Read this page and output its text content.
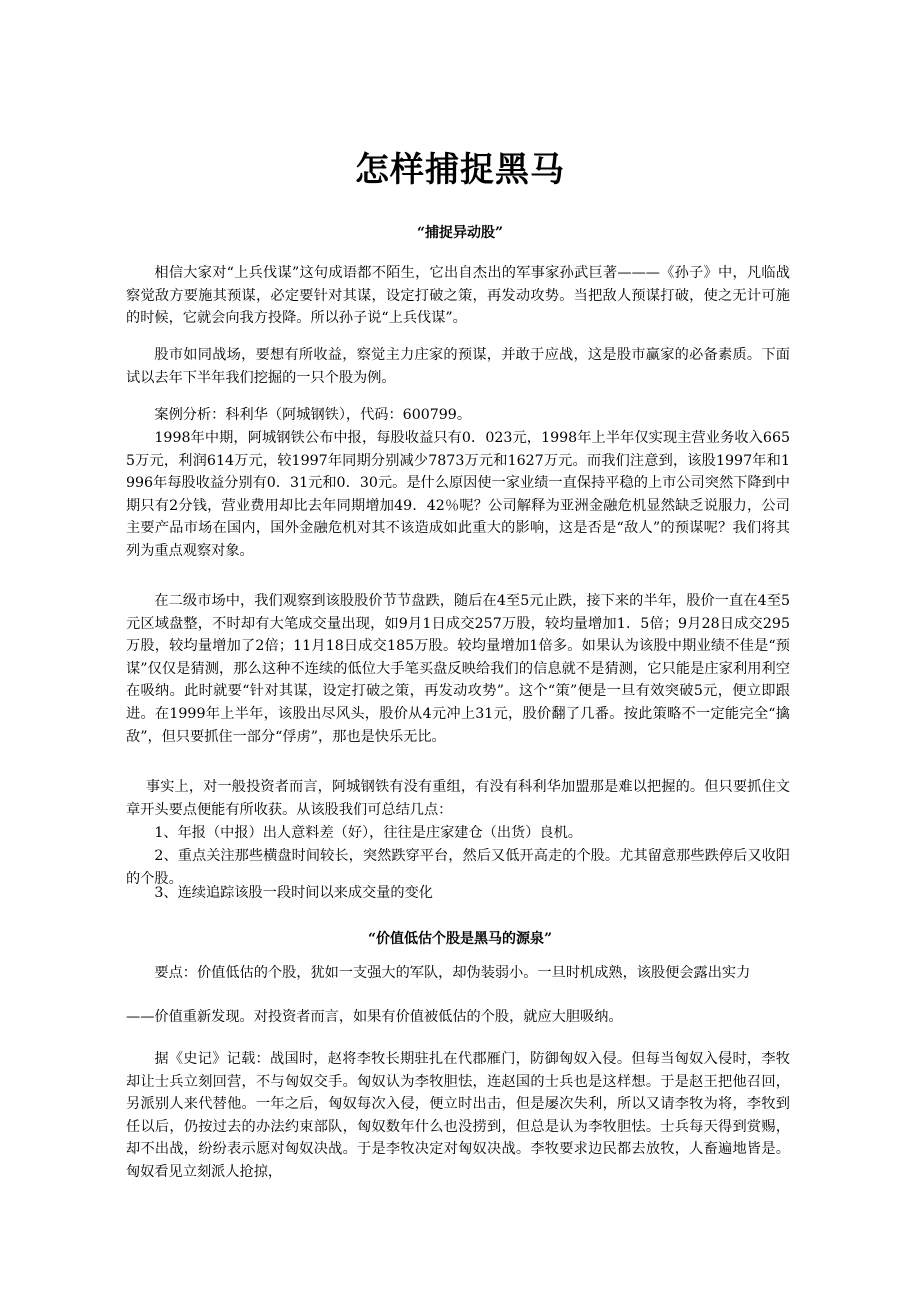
怎样捕捉黑马

“捕捉异动股”

相信大家对“上兵伐谋”这句成语都不陌生，它出自杰出的军事家孙武巨著———《孙子》中，凡临战察觉敌方要施其预谋，必定要针对其谋，设定打破之策，再发动攻势。当把敌人预谋打破，使之无计可施的时候，它就会向我方投降。所以孙子说“上兵伐谋”。

股市如同战场，要想有所收益，察觉主力庄家的预谋，并敢于应战，这是股市赢家的必备素质。下面试以去年下半年我们挖掘的一只个股为例。

案例分析：科利华（阿城钢铁），代码：600799。

1998年中期，阿城钢铁公布中报，每股收益只有0．023元，1998年上半年仅实现主营业务收入6655万元，利润614万元，较1997年同期分别减少7873万元和1627万元。而我们注意到，该股1997年和1996年每股收益分别有0．31元和0．30元。是什么原因使一家业绩一直保持平稳的上市公司突然下降到中期只有2分钱，营业费用却比去年同期增加49．42％呢？公司解释为亚洲金融危机显然缺乏说服力，公司主要产品市场在国内，国外金融危机对其不该造成如此重大的影响，这是否是“敌人”的预谋呢？我们将其列为重点观察对象。

在二级市场中，我们观察到该股股价节节盘跌，随后在4至5元止跌，接下来的半年，股价一直在4至5元区域盘整，不时却有大笔成交量出现，如9月1日成交257万股，较均量增加1．5倍；9月28日成交295万股，较均量增加了2倍；11月18日成交185万股。较均量增加1倍多。如果认为该股中期业绩不佳是“预谋”仅仅是猜测，那么这种不连续的低位大手笔买盘反映给我们的信息就不是猜测，它只能是庄家利用利空在吸纳。此时就要“针对其谋，设定打破之策，再发动攻势”。这个“策”便是一旦有效突破5元，便立即跟进。在1999年上半年，该股出尽风头，股价从4元冲上31元，股价翻了几番。按此策略不一定能完全“擒敌”，但只要抓住一部分“俘虏”，那也是快乐无比。

事实上，对一般投资者而言，阿城钢铁有没有重组，有没有科利华加盟那是难以把握的。但只要抓住文章开头要点便能有所收获。从该股我们可总结几点：

1、年报（中报）出人意料差（好），往往是庄家建仓（出货）良机。

2、重点关注那些横盘时间较长，突然跌穿平台，然后又低开高走的个股。尤其留意那些跌停后又收阳的个股。

3、连续追踪该股一段时间以来成交量的变化

“价值低估个股是黑马的源泉”

要点：价值低估的个股，犹如一支强大的军队，却伪装弱小。一旦时机成熟，该股便会露出实力

——价值重新发现。对投资者而言，如果有价值被低估的个股，就应大胆吸纳。

据《史记》记载：战国时，赵将李牧长期驻扎在代郡雁门，防御匈奴入侵。但每当匈奴入侵时，李牧却让士兵立刻回营，不与匈奴交手。匈奴认为李牧胆怯，连赵国的士兵也是这样想。于是赵王把他召回，另派别人来代替他。一年之后，匈奴每次入侵，便立时出击，但是屡次失利，所以又请李牧为将，李牧到任以后，仍按过去的办法约束部队，匈奴数年什么也没捞到，但总是认为李牧胆怯。士兵每天得到赏赐，却不出战，纷纷表示愿对匈奴决战。于是李牧决定对匈奴决战。李牧要求边民都去放牧，人畜遍地皆是。匈奴看见立刻派人抢掠，
